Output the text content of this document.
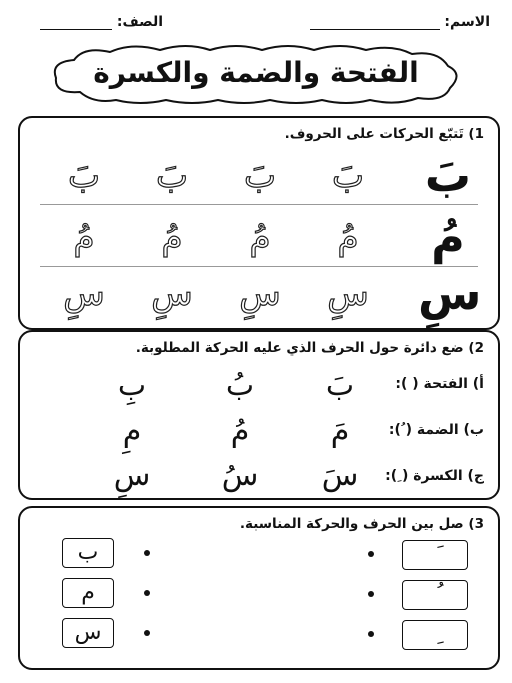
الاسم:
الصف:
الفتحة والضمة والكسرة
1) تَتبّع الحركات على الحروف.
بَ
بَ
بَ
بَ
بَ
مُ
مُ
مُ
مُ
مُ
سِ
سِ
سِ
سِ
سِ
2) ضع دائرة حول الحرف الذي عليه الحركة المطلوبة.
أ) الفتحة ( ):
بَ
بُ
بِ
ب) الضمة ( ُ):
مَ
مُ
مِ
ج) الكسرة ( ِ):
سَ
سُ
سِ
3) صل بين الحرف والحركة المناسبة.
ب
م
س
